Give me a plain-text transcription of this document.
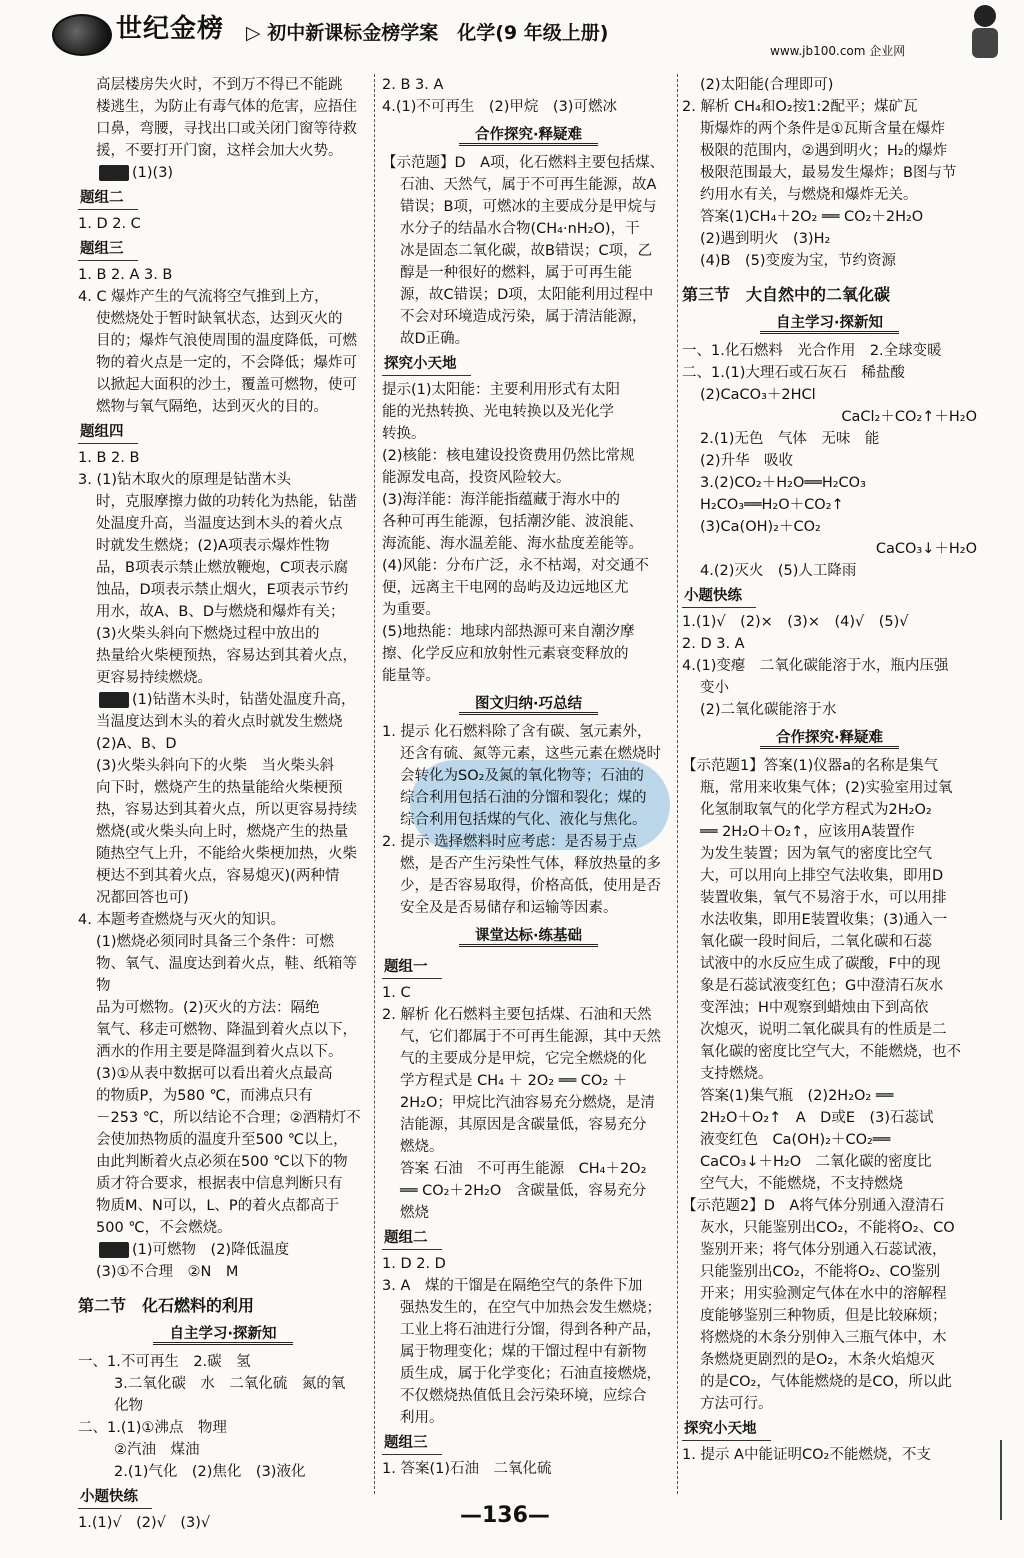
世纪金榜 ▷ 初中新课标金榜学案　化学(9 年级上册)
www.jb100.com 企业网

高层楼房失火时，不到万不得已不能跳

楼逃生，为防止有毒气体的危害，应捂住

口鼻，弯腰，寻找出口或关闭门窗等待救

援，不要打开门窗，这样会加大火势。

答案 (1)(3)

题组二

1. D 2. C

题组三

1. B 2. A 3. B

4. C 爆炸产生的气流将空气推到上方，

使燃烧处于暂时缺氧状态，达到灭火的

目的；爆炸气浪使周围的温度降低，可燃

物的着火点是一定的，不会降低；爆炸可

以掀起大面积的沙土，覆盖可燃物，使可

燃物与氧气隔绝，达到灭火的目的。

题组四

1. B 2. B

3. (1)钻木取火的原理是钻凿木头

时，克服摩擦力做的功转化为热能，钻凿

处温度升高，当温度达到木头的着火点

时就发生燃烧；(2)A项表示爆炸性物

品，B项表示禁止燃放鞭炮，C项表示腐

蚀品，D项表示禁止烟火，E项表示节约

用水，故A、B、D与燃烧和爆炸有关；

(3)火柴头斜向下燃烧过程中放出的

热量给火柴梗预热，容易达到其着火点，

更容易持续燃烧。

答案 (1)钻凿木头时，钻凿处温度升高，

当温度达到木头的着火点时就发生燃烧

(2)A、B、D

(3)火柴头斜向下的火柴　当火柴头斜

向下时，燃烧产生的热量能给火柴梗预

热，容易达到其着火点，所以更容易持续

燃烧(或火柴头向上时，燃烧产生的热量

随热空气上升，不能给火柴梗加热，火柴

梗达不到其着火点，容易熄灭)(两种情

况都回答也可)

4. 本题考查燃烧与灭火的知识。

(1)燃烧必须同时具备三个条件：可燃

物、氧气、温度达到着火点，鞋、纸箱等物

品为可燃物。(2)灭火的方法：隔绝

氧气、移走可燃物、降温到着火点以下，

洒水的作用主要是降温到着火点以下。

(3)①从表中数据可以看出着火点最高

的物质P，为580 ℃，而沸点只有

－253 ℃，所以结论不合理；②酒精灯不

会使加热物质的温度升至500 ℃以上，

由此判断着火点必须在500 ℃以下的物

质才符合要求，根据表中信息判断只有

物质M、N可以，L、P的着火点都高于

500 ℃，不会燃烧。

答案 (1)可燃物　(2)降低温度

(3)①不合理　②N　M

第二节　化石燃料的利用

自主学习·探新知

一、1.不可再生　2.碳　氢

3.二氧化碳　水　二氧化硫　氮的氧

化物

二、1.(1)①沸点　物理

②汽油　煤油

2.(1)气化　(2)焦化　(3)液化

小题快练

1.(1)√　(2)√　(3)√

2. B 3. A

4.(1)不可再生　(2)甲烷　(3)可燃冰

合作探究·释疑难

【示范题】D　A项，化石燃料主要包括煤、

石油、天然气，属于不可再生能源，故A

错误；B项，可燃冰的主要成分是甲烷与

水分子的结晶水合物(CH₄·nH₂O)，干

冰是固态二氧化碳，故B错误；C项，乙

醇是一种很好的燃料，属于可再生能

源，故C错误；D项，太阳能利用过程中

不会对环境造成污染，属于清洁能源，

故D正确。

探究小天地

提示(1)太阳能：主要利用形式有太阳

能的光热转换、光电转换以及光化学

转换。

(2)核能：核电建设投资费用仍然比常规

能源发电高，投资风险较大。

(3)海洋能：海洋能指蕴藏于海水中的

各种可再生能源，包括潮汐能、波浪能、

海流能、海水温差能、海水盐度差能等。

(4)风能：分布广泛，永不枯竭，对交通不

便，远离主干电网的岛屿及边远地区尤

为重要。

(5)地热能：地球内部热源可来自潮汐摩

擦、化学反应和放射性元素衰变释放的

能量等。

图文归纳·巧总结

1. 提示 化石燃料除了含有碳、氢元素外，

还含有硫、氮等元素，这些元素在燃烧时

会转化为SO₂及氮的氧化物等；石油的

综合利用包括石油的分馏和裂化；煤的

综合利用包括煤的气化、液化与焦化。

2. 提示 选择燃料时应考虑：是否易于点

燃，是否产生污染性气体，释放热量的多

少，是否容易取得，价格高低，使用是否

安全及是否易储存和运输等因素。

课堂达标·练基础

题组一

1. C

2. 解析 化石燃料主要包括煤、石油和天然

气，它们都属于不可再生能源，其中天然

气的主要成分是甲烷，它完全燃烧的化

学方程式是 CH₄ ＋ 2O₂ ══ CO₂ ＋

2H₂O；甲烷比汽油容易充分燃烧，是清

洁能源，其原因是含碳量低，容易充分

燃烧。

答案 石油　不可再生能源　CH₄＋2O₂

══ CO₂＋2H₂O　含碳量低，容易充分

燃烧

题组二

1. D 2. D

3. A　煤的干馏是在隔绝空气的条件下加

强热发生的，在空气中加热会发生燃烧；

工业上将石油进行分馏，得到各种产品，

属于物理变化；煤的干馏过程中有新物

质生成，属于化学变化；石油直接燃烧，

不仅燃烧热值低且会污染环境，应综合

利用。

题组三

1. 答案(1)石油　二氧化硫

(2)太阳能(合理即可)

2. 解析 CH₄和O₂按1:2配平；煤矿瓦

斯爆炸的两个条件是①瓦斯含量在爆炸

极限的范围内，②遇到明火；H₂的爆炸

极限范围最大，最易发生爆炸；B图与节

约用水有关，与燃烧和爆炸无关。

答案(1)CH₄＋2O₂ ══ CO₂＋2H₂O

(2)遇到明火　(3)H₂

(4)B　(5)变废为宝，节约资源

第三节　大自然中的二氧化碳

自主学习·探新知

一、1.化石燃料　光合作用　2.全球变暖

二、1.(1)大理石或石灰石　稀盐酸

(2)CaCO₃＋2HCl

CaCl₂＋CO₂↑＋H₂O

2.(1)无色　气体　无味　能

(2)升华　吸收

3.(2)CO₂＋H₂O══H₂CO₃

H₂CO₃══H₂O＋CO₂↑

(3)Ca(OH)₂＋CO₂

CaCO₃↓＋H₂O

4.(2)灭火　(5)人工降雨

小题快练

1.(1)√　(2)×　(3)×　(4)√　(5)√

2. D 3. A

4.(1)变瘪　二氧化碳能溶于水，瓶内压强

变小

(2)二氧化碳能溶于水

合作探究·释疑难

【示范题1】答案(1)仪器a的名称是集气

瓶，常用来收集气体；(2)实验室用过氧

化氢制取氧气的化学方程式为2H₂O₂

══ 2H₂O＋O₂↑，应该用A装置作

为发生装置；因为氧气的密度比空气

大，可以用向上排空气法收集，即用D

装置收集，氧气不易溶于水，可以用排

水法收集，即用E装置收集；(3)通入一

氧化碳一段时间后，二氧化碳和石蕊

试液中的水反应生成了碳酸，F中的现

象是石蕊试液变红色；G中澄清石灰水

变浑浊；H中观察到蜡烛由下到高依

次熄灭，说明二氧化碳具有的性质是二

氧化碳的密度比空气大，不能燃烧，也不

支持燃烧。

答案(1)集气瓶　(2)2H₂O₂ ══

2H₂O＋O₂↑　A　D或E　(3)石蕊试

液变红色　Ca(OH)₂＋CO₂══

CaCO₃↓＋H₂O　二氧化碳的密度比

空气大，不能燃烧，不支持燃烧

【示范题2】D　A将气体分别通入澄清石

灰水，只能鉴别出CO₂，不能将O₂、CO

鉴别开来；将气体分别通入石蕊试液，

只能鉴别出CO₂，不能将O₂、CO鉴别

开来；用实验测定气体在水中的溶解程

度能够鉴别三种物质，但是比较麻烦；

将燃烧的木条分别伸入三瓶气体中，木

条燃烧更剧烈的是O₂，木条火焰熄灭

的是CO₂，气体能燃烧的是CO，所以此

方法可行。

探究小天地

1. 提示 A中能证明CO₂不能燃烧，不支

—136—
